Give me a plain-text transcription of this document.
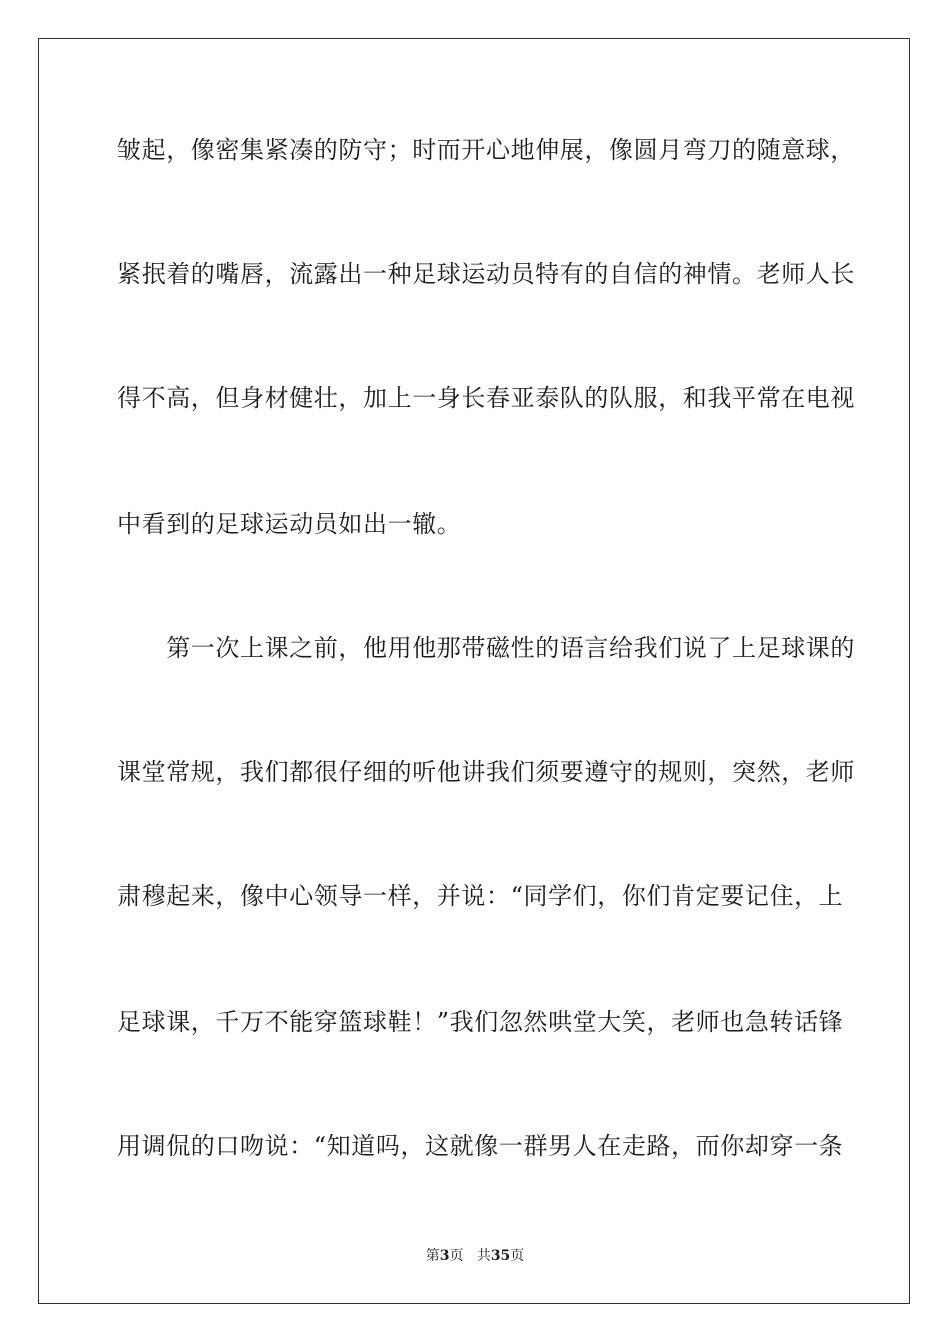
皱起，像密集紧凑的防守；时而开心地伸展，像圆月弯刀的随意球，
紧抿着的嘴唇，流露出一种足球运动员特有的自信的神情。老师人长
得不高，但身材健壮，加上一身长春亚泰队的队服，和我平常在电视
中看到的足球运动员如出一辙。
　　第一次上课之前，他用他那带磁性的语言给我们说了上足球课的
课堂常规，我们都很仔细的听他讲我们须要遵守的规则，突然，老师
肃穆起来，像中心领导一样，并说：“同学们，你们肯定要记住，上
足球课，千万不能穿篮球鞋！”我们忽然哄堂大笑，老师也急转话锋
用调侃的口吻说：“知道吗，这就像一群男人在走路，而你却穿一条
第3页 共35页
